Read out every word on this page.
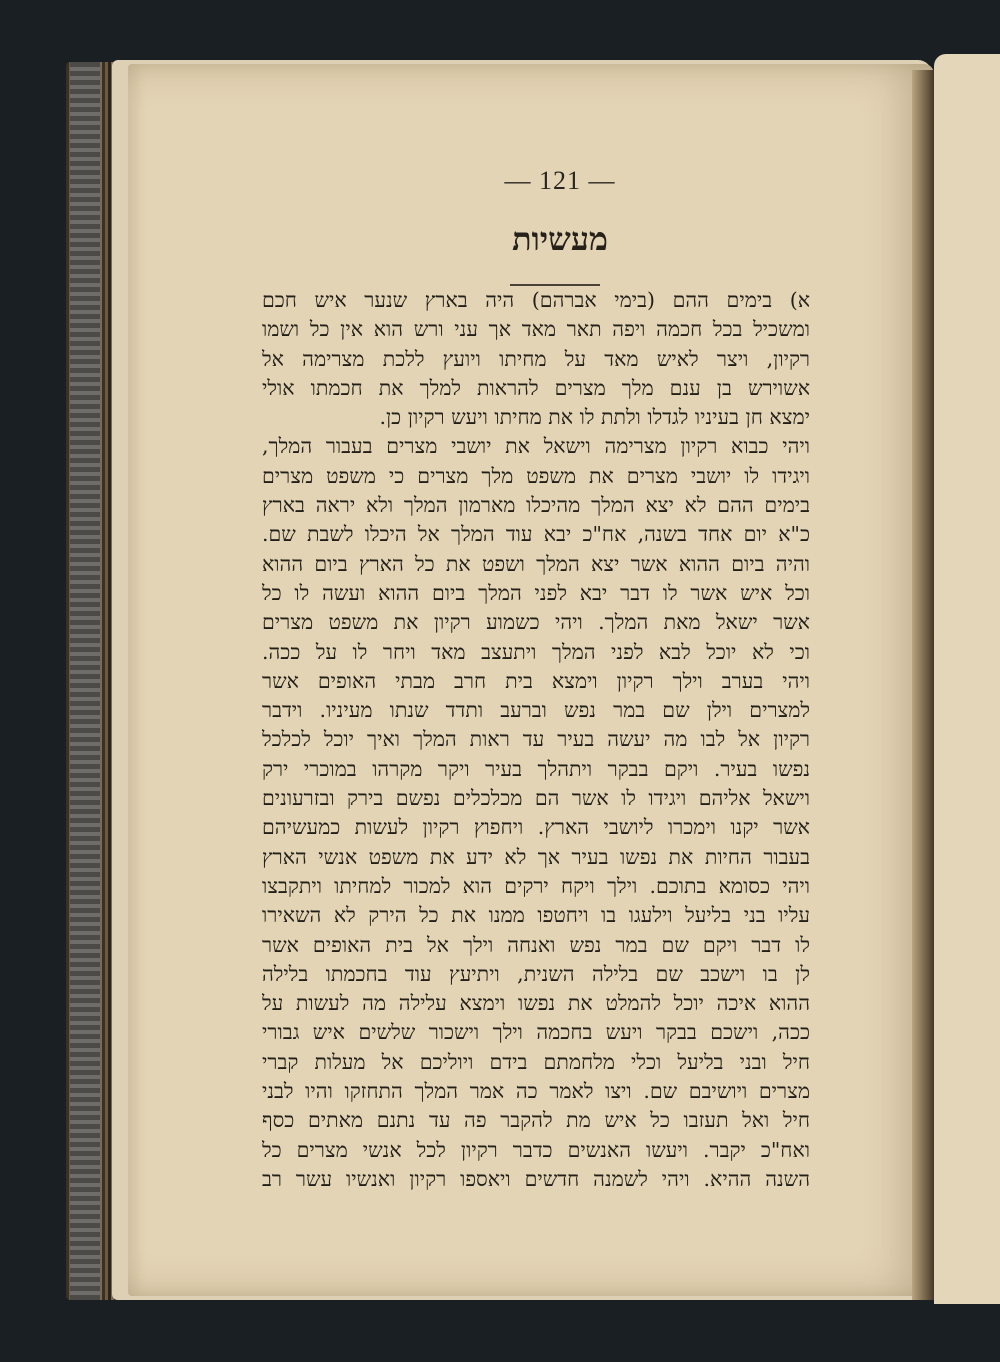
— 121 —
מעשיות
א) בימים ההם (בימי אברהם) היה בארץ שנער איש חכם
ומשכיל בכל חכמה ויפה תאר מאד אך עני ורש הוא אין כל ושמו
רקיון, ויצר לאיש מאד על מחיתו ויועץ ללכת מצרימה אל
אשוירש בן ענם מלך מצרים להראות למלך את חכמתו אולי
ימצא חן בעיניו לגדלו ולתת לו את מחיתו ויעש רקיון כן.
ויהי כבוא רקיון מצרימה וישאל את יושבי מצרים בעבור המלך,
ויגידו לו יושבי מצרים את משפט מלך מצרים כי משפט מצרים
בימים ההם לא יצא המלך מהיכלו מארמון המלך ולא יראה בארץ
כ"א יום אחד בשנה, אח"כ יבא עוד המלך אל היכלו לשבת שם.
והיה ביום ההוא אשר יצא המלך ושפט את כל הארץ ביום ההוא
וכל איש אשר לו דבר יבא לפני המלך ביום ההוא ועשה לו כל
אשר ישאל מאת המלך. ויהי כשמוע רקיון את משפט מצרים
וכי לא יוכל לבא לפני המלך ויתעצב מאד ויחר לו על ככה.
ויהי בערב וילך רקיון וימצא בית חרב מבתי האופים אשר
למצרים וילן שם במר נפש וברעב ותדד שנתו מעיניו. וידבר
רקיון אל לבו מה יעשה בעיר עד ראות המלך ואיך יוכל לכלכל
נפשו בעיר. ויקם בבקר ויתהלך בעיר ויקר מקרהו במוכרי ירק
וישאל אליהם ויגידו לו אשר הם מכלכלים נפשם בירק ובזרעונים
אשר יקנו וימכרו ליושבי הארץ. ויחפוץ רקיון לעשות כמעשיהם
בעבור החיות את נפשו בעיר אך לא ידע את משפט אנשי הארץ
ויהי כסומא בתוכם. וילך ויקח ירקים הוא למכור למחיתו ויתקבצו
עליו בני בליעל וילעגו בו ויחטפו ממנו את כל הירק לא השאירו
לו דבר ויקם שם במר נפש ואנחה וילך אל בית האופים אשר
לן בו וישכב שם בלילה השנית, ויתיעץ עוד בחכמתו בלילה
ההוא איכה יוכל להמלט את נפשו וימצא עלילה מה לעשות על
ככה, וישכם בבקר ויעש בחכמה וילך וישכור שלשים איש גבורי
חיל ובני בליעל וכלי מלחמתם בידם ויוליכם אל מעלות קברי
מצרים ויושיבם שם. ויצו לאמר כה אמר המלך התחזקו והיו לבני
חיל ואל תעזבו כל איש מת להקבר פה עד נתנם מאתים כסף
ואח"כ יקבר. ויעשו האנשים כדבר רקיון לכל אנשי מצרים כל
השנה ההיא. ויהי לשמנה חדשים ויאספו רקיון ואנשיו עשר רב
